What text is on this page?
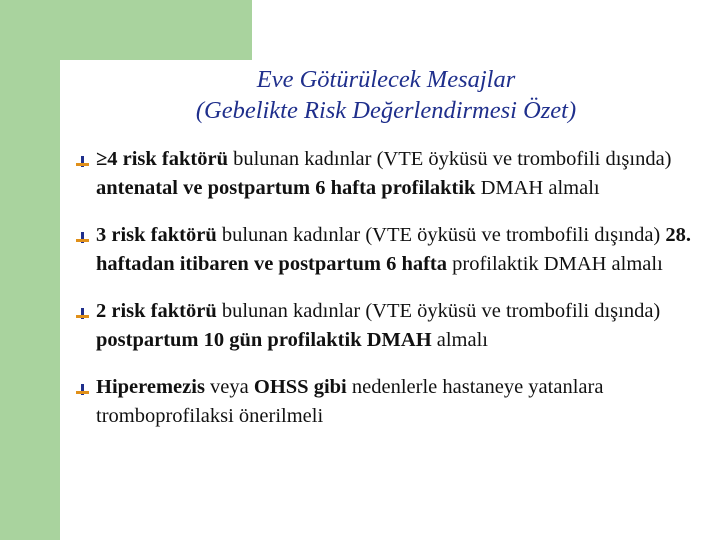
Eve Götürülecek Mesajlar
(Gebelikte Risk Değerlendirmesi Özet)
≥4 risk faktörü bulunan kadınlar (VTE öyküsü ve trombofili dışında) antenatal ve postpartum 6 hafta profilaktik DMAH almalı
3 risk faktörü bulunan kadınlar (VTE öyküsü ve trombofili dışında) 28. haftadan itibaren ve postpartum 6 hafta profilaktik DMAH almalı
2 risk faktörü bulunan kadınlar (VTE öyküsü ve trombofili dışında) postpartum 10 gün profilaktik DMAH almalı
Hiperemezis veya OHSS gibi nedenlerle hastaneye yatanlara tromboprofilaksi önerilmeli
